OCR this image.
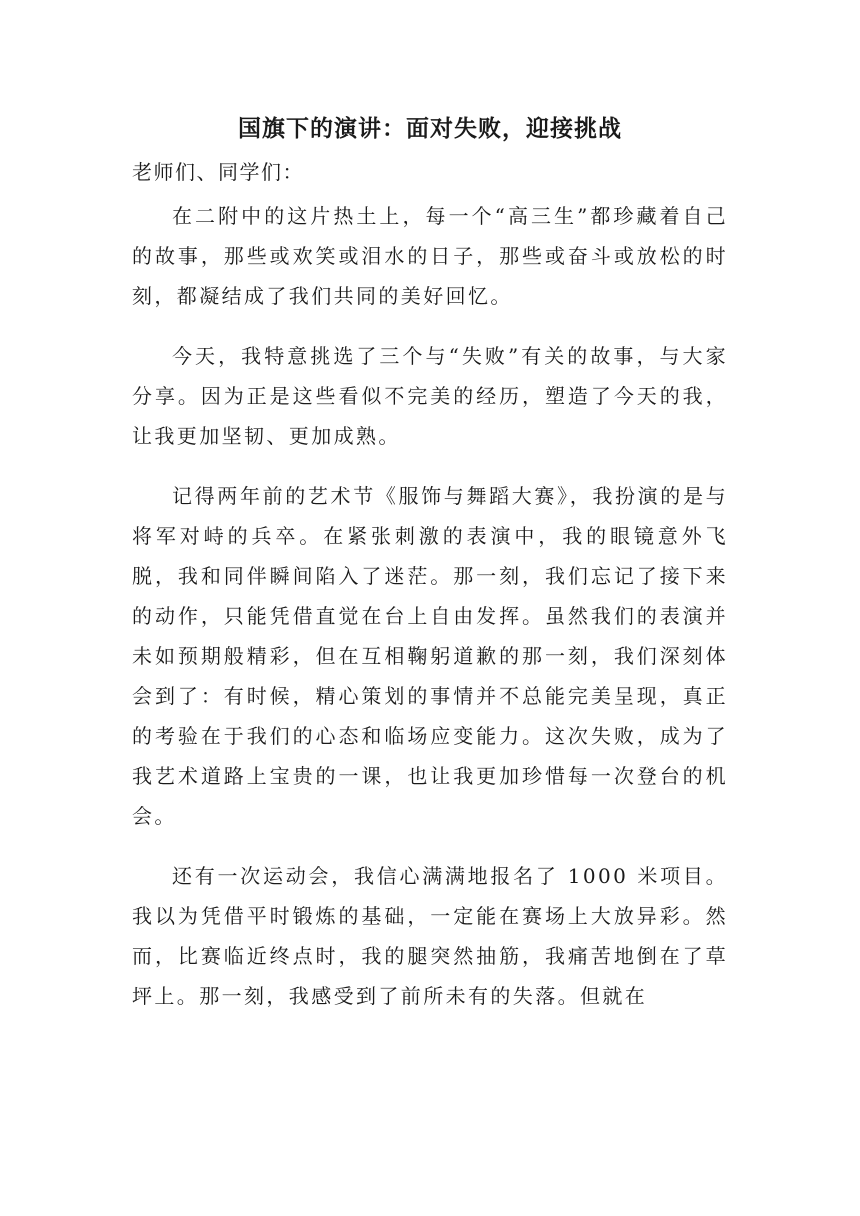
国旗下的演讲：面对失败，迎接挑战

老师们、同学们：

在二附中的这片热土上，每一个“高三生”都珍藏着自己的故事，那些或欢笑或泪水的日子，那些或奋斗或放松的时刻，都凝结成了我们共同的美好回忆。

今天，我特意挑选了三个与“失败”有关的故事，与大家分享。因为正是这些看似不完美的经历，塑造了今天的我，让我更加坚韧、更加成熟。

记得两年前的艺术节《服饰与舞蹈大赛》，我扮演的是与将军对峙的兵卒。在紧张刺激的表演中，我的眼镜意外飞脱，我和同伴瞬间陷入了迷茫。那一刻，我们忘记了接下来的动作，只能凭借直觉在台上自由发挥。虽然我们的表演并未如预期般精彩，但在互相鞠躬道歉的那一刻，我们深刻体会到了：有时候，精心策划的事情并不总能完美呈现，真正的考验在于我们的心态和临场应变能力。这次失败，成为了我艺术道路上宝贵的一课，也让我更加珍惜每一次登台的机会。

还有一次运动会，我信心满满地报名了 1000 米项目。我以为凭借平时锻炼的基础，一定能在赛场上大放异彩。然而，比赛临近终点时，我的腿突然抽筋，我痛苦地倒在了草坪上。那一刻，我感受到了前所未有的失落。但就在
